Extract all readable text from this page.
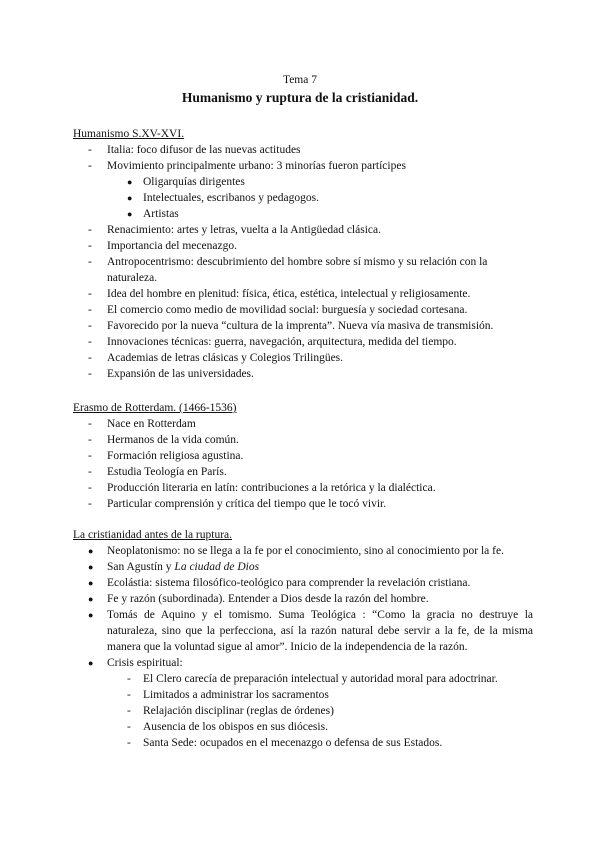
Tema 7
Humanismo y ruptura de la cristianidad.
Humanismo S.XV-XVI.
- Italia: foco difusor de las nuevas actitudes
- Movimiento principalmente urbano: 3 minorías fueron partícipes
● Oligarquías dirigentes
● Intelectuales, escribanos y pedagogos.
● Artistas
- Renacimiento: artes y letras, vuelta a la Antigüedad clásica.
- Importancia del mecenazgo.
- Antropocentrismo: descubrimiento del hombre sobre sí mismo y su relación con la naturaleza.
- Idea del hombre en plenitud: física, ética, estética, intelectual y religiosamente.
- El comercio como medio de movilidad social: burguesía y sociedad cortesana.
- Favorecido por la nueva “cultura de la imprenta”. Nueva vía masiva de transmisión.
- Innovaciones técnicas: guerra, navegación, arquitectura, medida del tiempo.
- Academias de letras clásicas y Colegios Trilingües.
- Expansión de las universidades.
Erasmo de Rotterdam. (1466-1536)
- Nace en Rotterdam
- Hermanos de la vida común.
- Formación religiosa agustina.
- Estudia Teología en París.
- Producción literaria en latín: contribuciones a la retórica y la dialéctica.
- Particular comprensión y crítica del tiempo que le tocó vivir.
La cristianidad antes de la ruptura.
● Neoplatonismo: no se llega a la fe por el conocimiento, sino al conocimiento por la fe.
● San Agustín y La ciudad de Dios
● Ecolástia: sistema filosófico-teológico para comprender la revelación cristiana.
● Fe y razón (subordinada). Entender a Dios desde la razón del hombre.
● Tomás de Aquino y el tomismo. Suma Teológica : “Como la gracia no destruye la naturaleza, sino que la perfecciona, así la razón natural debe servir a la fe, de la misma manera que la voluntad sigue al amor”. Inicio de la independencia de la razón.
● Crisis espiritual:
- El Clero carecía de preparación intelectual y autoridad moral para adoctrinar.
- Limitados a administrar los sacramentos
- Relajación disciplinar (reglas de órdenes)
- Ausencia de los obispos en sus diócesis.
- Santa Sede: ocupados en el mecenazgo o defensa de sus Estados.
